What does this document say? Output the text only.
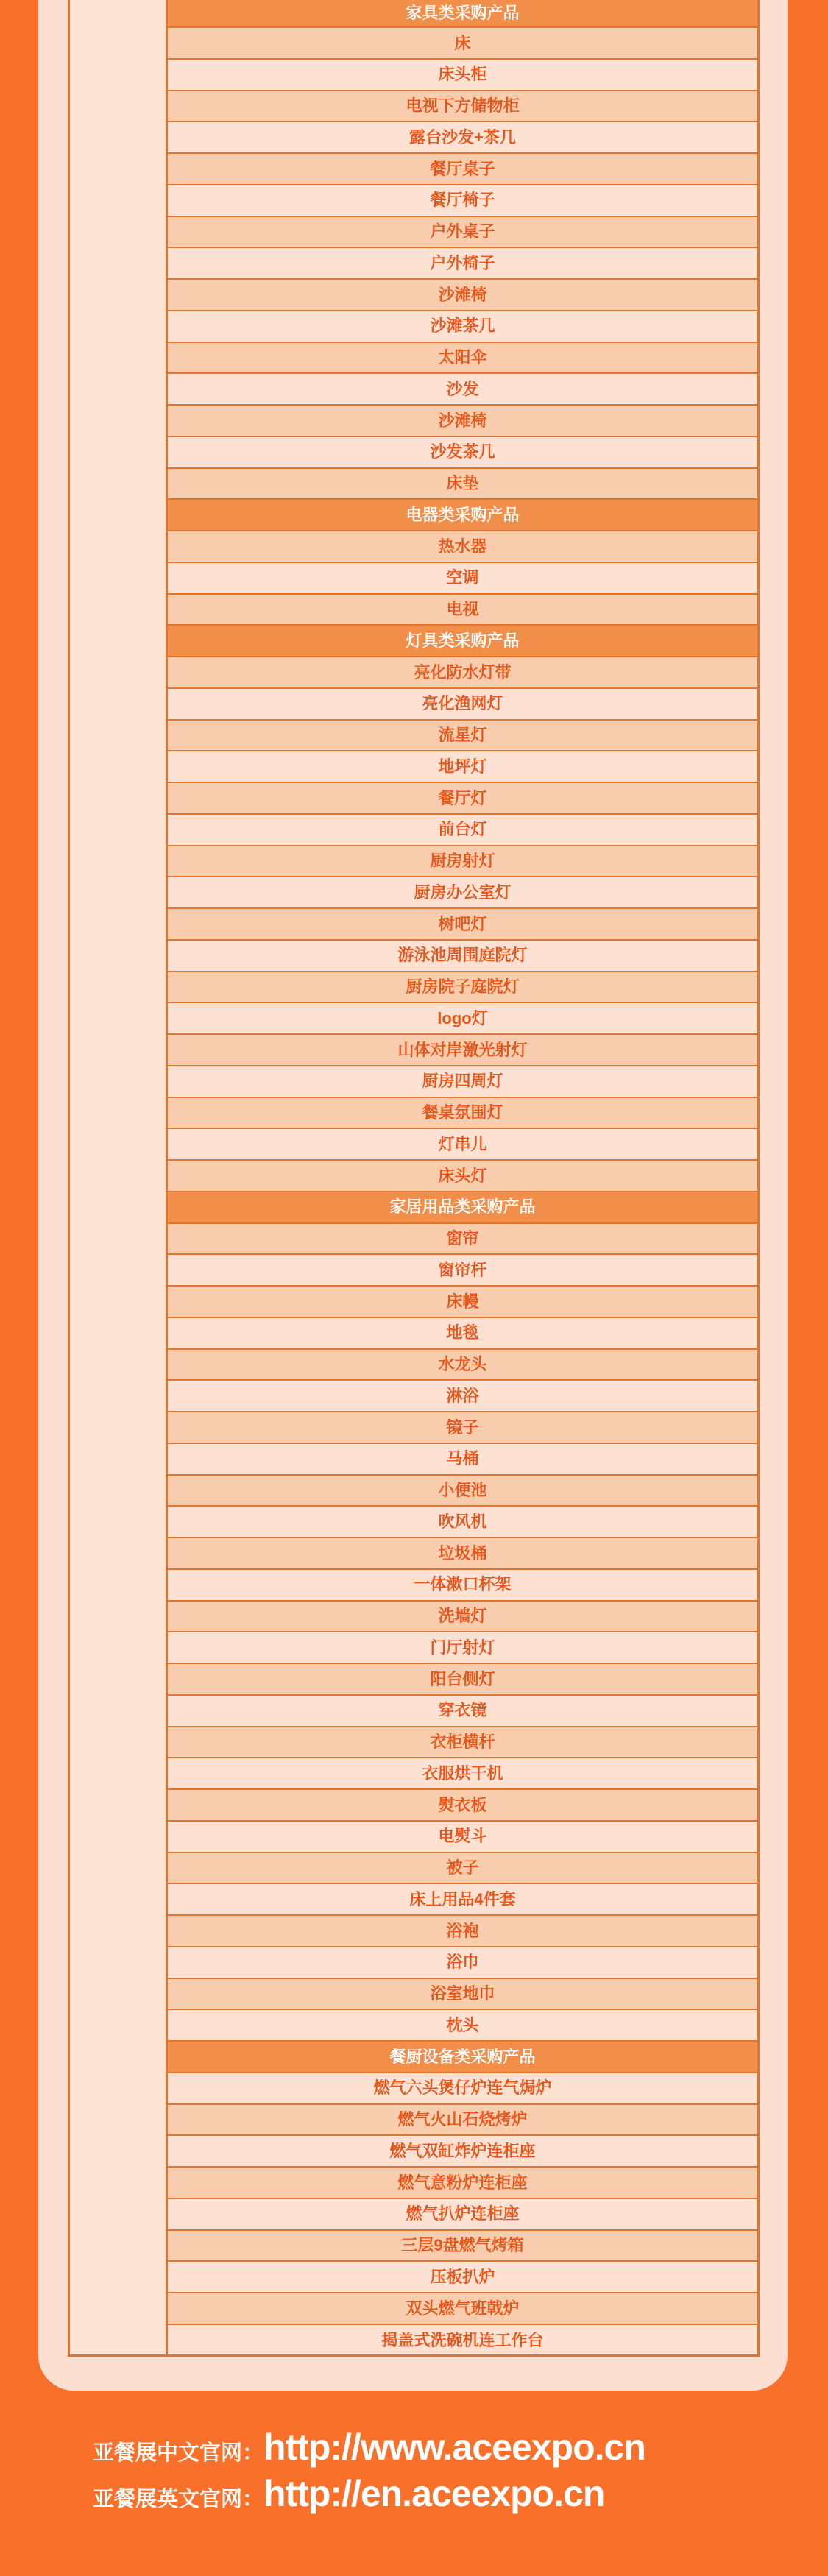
家具类采购产品
床
床头柜
电视下方储物柜
露台沙发+茶几
餐厅桌子
餐厅椅子
户外桌子
户外椅子
沙滩椅
沙滩茶几
太阳伞
沙发
沙滩椅
沙发茶几
床垫
电器类采购产品
热水器
空调
电视
灯具类采购产品
亮化防水灯带
亮化渔网灯
流星灯
地坪灯
餐厅灯
前台灯
厨房射灯
厨房办公室灯
树吧灯
游泳池周围庭院灯
厨房院子庭院灯
logo灯
山体对岸激光射灯
厨房四周灯
餐桌氛围灯
灯串儿
床头灯
家居用品类采购产品
窗帘
窗帘杆
床幔
地毯
水龙头
淋浴
镜子
马桶
小便池
吹风机
垃圾桶
一体漱口杯架
洗墙灯
门厅射灯
阳台侧灯
穿衣镜
衣柜横杆
衣服烘干机
熨衣板
电熨斗
被子
床上用品4件套
浴袍
浴巾
浴室地巾
枕头
餐厨设备类采购产品
燃气六头煲仔炉连气焗炉
燃气火山石烧烤炉
燃气双缸炸炉连柜座
燃气意粉炉连柜座
燃气扒炉连柜座
三层9盘燃气烤箱
压板扒炉
双头燃气班戟炉
揭盖式洗碗机连工作台
亚餐展中文官网： http://www.aceexpo.cn
亚餐展英文官网： http://en.aceexpo.cn
